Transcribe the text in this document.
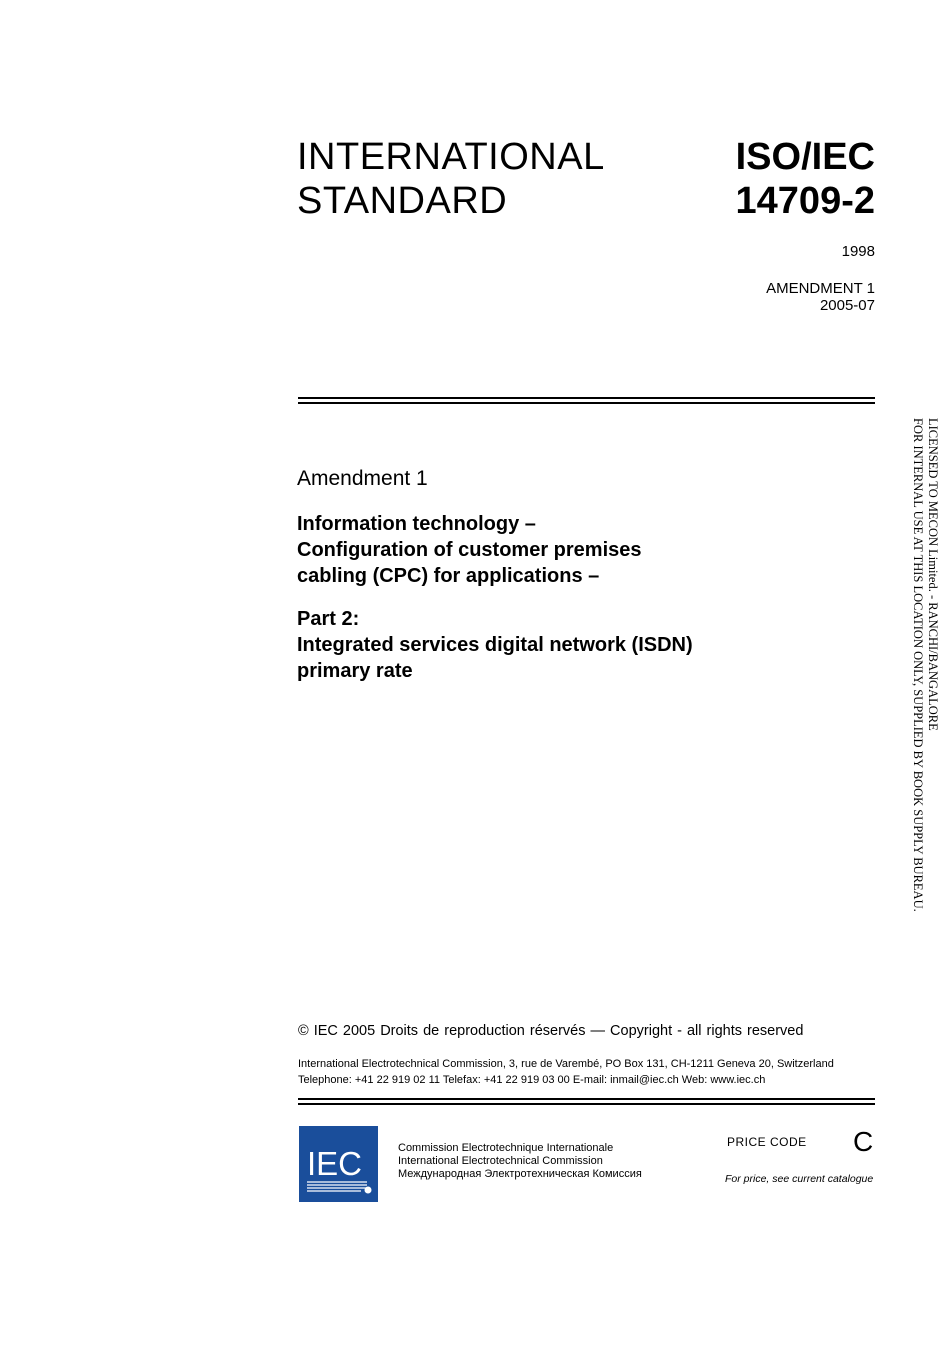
INTERNATIONAL
STANDARD
ISO/IEC
14709-2
1998
AMENDMENT 1
2005-07
Amendment 1
Information technology –
Configuration of customer premises
cabling (CPC) for applications –
Part 2:
Integrated services digital network (ISDN)
primary rate	LICENSED TO MECON Limited. - RANCHI/BANGALORE
FOR INTERNAL USE AT THIS LOCATION ONLY, SUPPLIED BY BOOK SUPPLY BUREAU.
© IEC 2005 Droits de reproduction réservés — Copyright - all rights reserved
International Electrotechnical Commission, 3, rue de Varembé, PO Box 131, CH-1211 Geneva 20, Switzerland
Telephone: +41 22 919 02 11 Telefax: +41 22 919 03 00 E-mail: inmail@iec.ch Web: www.iec.ch
IEC	Commission Electrotechnique Internationale
International Electrotechnical Commission
Международная Электротехническая Комиссия
PRICE CODE C
For price, see current catalogue
